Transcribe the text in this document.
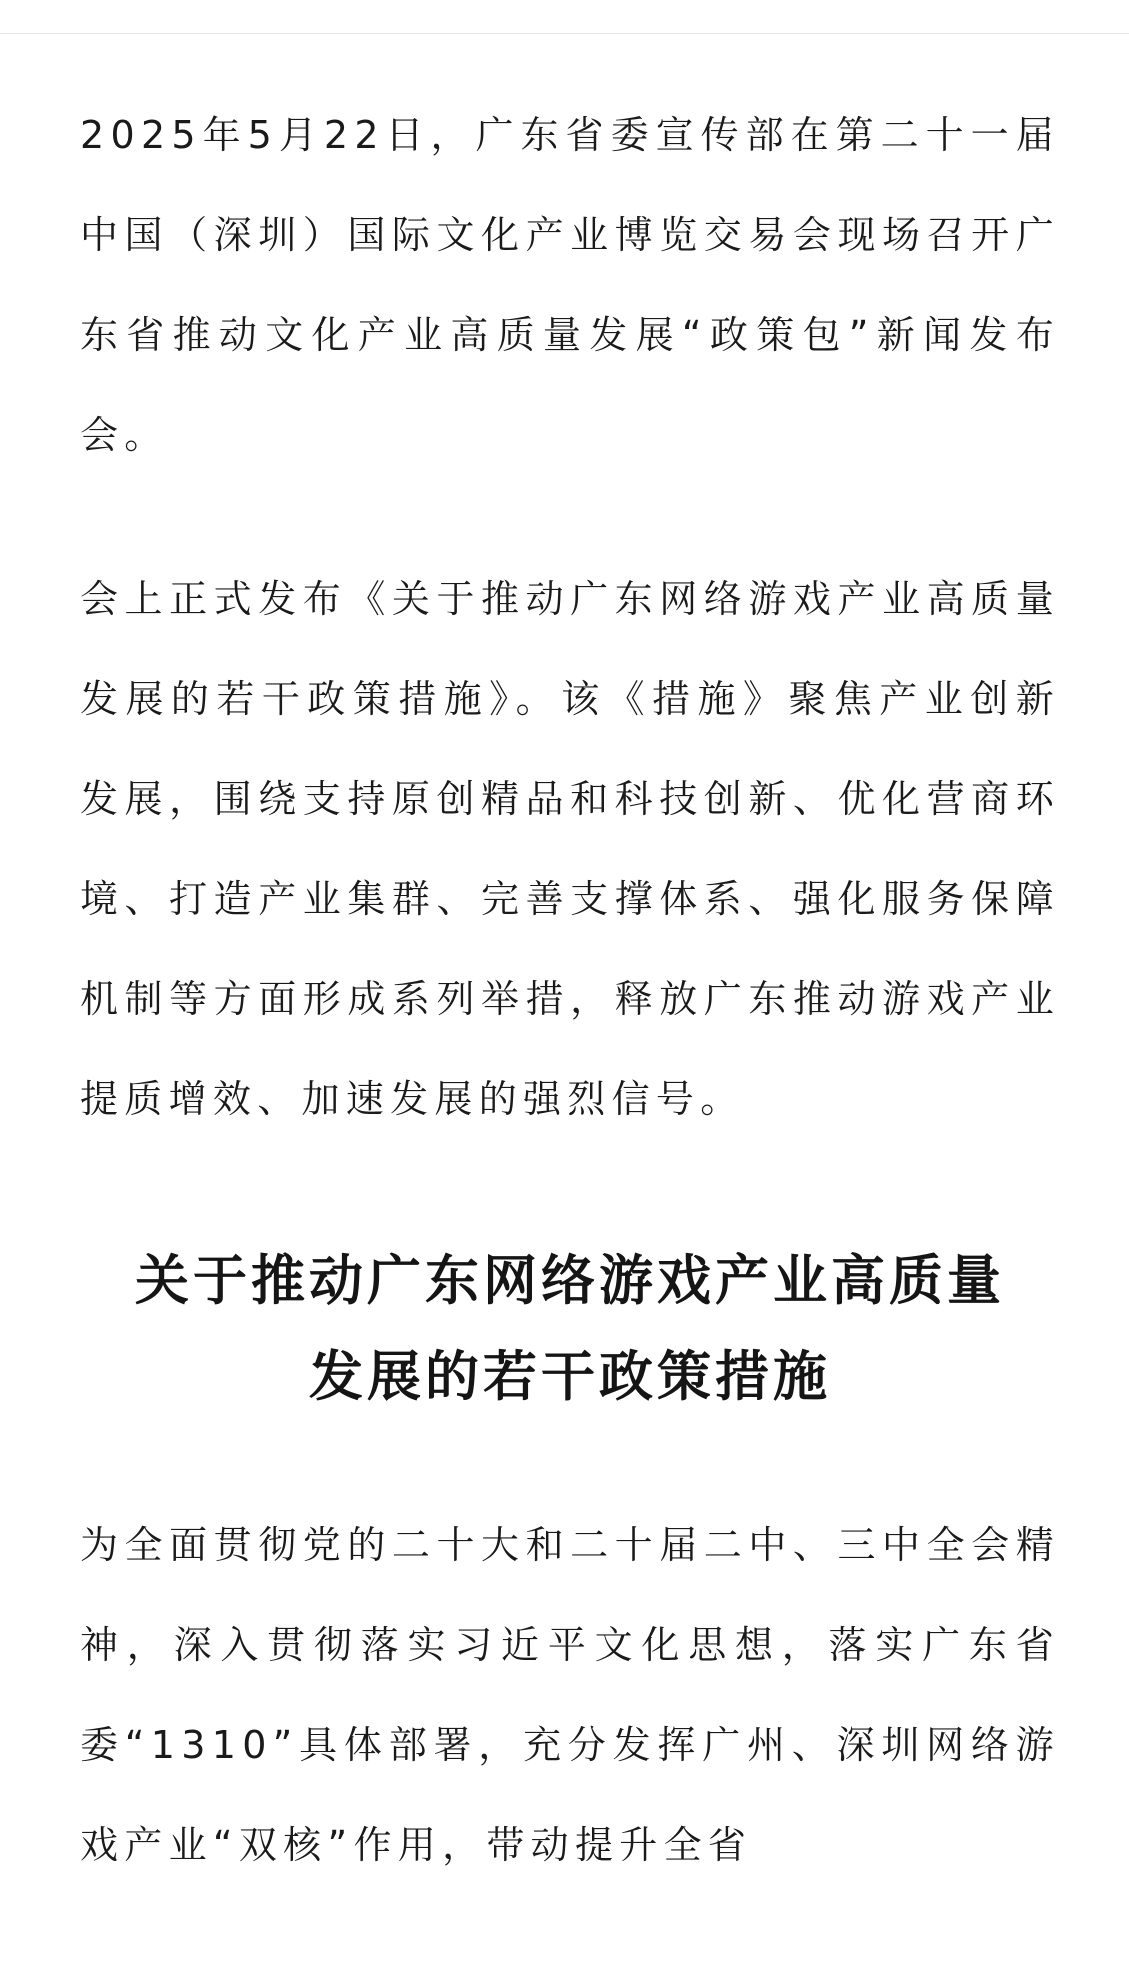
2025年5月22日，广东省委宣传部在第二十一届中国（深圳）国际文化产业博览交易会现场召开广东省推动文化产业高质量发展“政策包”新闻发布会。

会上正式发布《关于推动广东网络游戏产业高质量发展的若干政策措施》。该《措施》聚焦产业创新发展，围绕支持原创精品和科技创新、优化营商环境、打造产业集群、完善支撑体系、强化服务保障机制等方面形成系列举措，释放广东推动游戏产业提质增效、加速发展的强烈信号。

关于推动广东网络游戏产业高质量
发展的若干政策措施

为全面贯彻党的二十大和二十届二中、三中全会精神，深入贯彻落实习近平文化思想，落实广东省委“1310”具体部署，充分发挥广州、深圳网络游戏产业“双核”作用，带动提升全省
